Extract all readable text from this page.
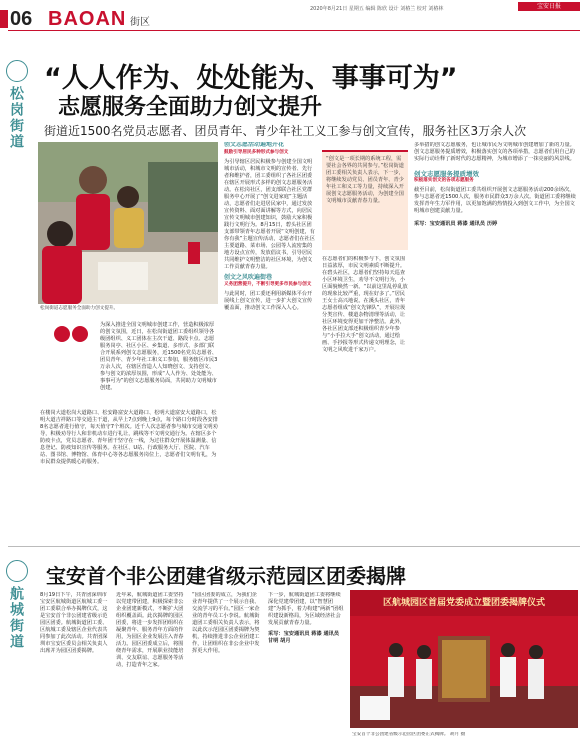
06 BAOAN 街区
2020年8月21日 星期五 编辑 陈欣 设计 刘椿兰 校对 刘椿林	宝安日报
松岗街道
“人人作为、处处能为、事事可为”
志愿服务全面助力创文提升
街道近1500名党员志愿者、团员青年、青少年社工义工参与创文宣传，服务社区3万余人次
松岗街道志愿服务全面助力创文提升。

为深入推进全国文明城市创建工作，营造积极浓厚的创文氛围，近日，在松岗街道团工委组织领导各级团组织、义工团体在主次干道、路段卡点、志愿服务岗亭、社区小区、乡集道、多形式、多部门联合开展系列创文志愿服务，近1500名党员志愿者、团员青年、青少年社工和义工参加，服务辖区市民3万余人次，在辖区营造人人知晓创文、支持创文、参与创文的浓厚氛围，形成“人人作为、处处能为、事事可为”的创文志愿服务局面，共同助力文明城市创建。

在楼岗大道松岗大道路口、松安路富安大道路口、松明大道富安大道路口，松明大道吉祥路口等交通主干道，从早上7点到晚上9点，每个路口分时段各安排8名志愿者进行值守，每天值守7个班次。近千人次志愿者参与城市交通文明劝导，积极劝导行人和非机动车进行礼让，跳线等不文明交通行为。在辖区多个防疫卡点，党员志愿者、青年团干坚守在一线，为过往群众开展体温测量、信息登记、防疫知识宣传等服务。在社区、U站、行政服务大厅、医院、汽车站、图书馆、博物馆、体育中心等各志愿服务岗位上，志愿者们文明有礼，为市民群众提供暖心的服务。

创文志愿活动遍地开花
鼓励引导居民多种形式参与创文

为引导辖区居民积极参与创建全国文明城市活动，积城市文明的宣传者、先行者和维护者，团工委组织了各社区团委在辖区开展形式多样的创文志愿服务活动。在松岗社区，团支部联合社区党群服务中心开展了“创文进家庭”主题活动，志愿者们走进居民家中，通过发放宣传资料、面对面讲解等方式，向居民宣传文明城市创建知识，鼓励大家积极践行文明行为。8月15日，碧头社区团支部带领青年志愿者开展“文明创建，有你有我”主题宣传活动，志愿者们在社区主要道路、菜市场、公园等人流密集的地方设点宣传，发放倡议书，引导居民共同维护文明整洁的社区环境，为创文工作贡献青春力量。

创文之风吹遍街巷
义务团营提升，不断引导更多市民参与创文

与此同时，团工委还利用新媒体平台开展线上创文宣传，进一步扩大创文宣传覆盖面，推动创文工作深入人心。

“创文是一项长期的系统工程，需要社会各界的共同参与。”松岗街道团工委相关负责人表示，下一步，将继续发动党员、团员青年、青少年社工和义工等力量，持续深入开展创文志愿服务活动，为创建全国文明城市贡献青春力量。

在志愿者们的积极参与下，创文氛围日益浓厚，市民文明素质不断提升。在碧头社区，志愿者们坚持每天巡查小区环境卫生，劝导不文明行为，小区面貌焕然一新。“以前这里乱停乱放的现象比较严重，现在好多了。”居民王女士高兴地说。在溪头社区，青年志愿者组成“创文先锋队”，开展垃圾分类宣传、楼道杂物清理等活动，让社区环境变得更加干净整洁。此外，各社区团支部还积极组织青少年参与“小手拉大手”创文活动，通过绘画、手抄报等形式传递文明理念，让文明之风吹进千家万户。

多举措的创文志愿服务，也让城市民为文明城市创建增加了新的力量。创文志愿服务提质增效，积极落实创文的各项举措，志愿者们用自己的实际行动诠释了新时代的志愿精神，为城市增添了一抹亮丽的风景线。

创文志愿服务提质增效
积极落实创文的各项志愿服务

截至目前，松岗街道团工委共组织开展创文志愿服务活动200余场次，参与志愿者近1500人次，服务市民群众3万余人次。街道团工委将继续发挥青年生力军作用，以更加饱满的热情投入到创文工作中，为全国文明城市创建贡献力量。

采写：宝安通讯员 蒋漆 通讯员 历婷

航城街道
宝安首个非公团建省级示范园区团委揭牌

8月19日下午，共青团深圳市宝安区航城街道区航城工委一团工委联合举办揭牌仪式，这是宝安首个非公团建省级示范园区团委。航城街道团工委、区航城工委及辖区企业代表共同参加了此次活动。共青团深圳市宝安区委员会相关负责人出席并为园区团委揭牌。

近年来，航城街道团工委坚持以党建带团建，积极探索非公企业团建新模式，不断扩大团组织覆盖面。此次揭牌的园区团委，将进一步发挥团组织在凝聚青年、服务青年方面的作用，为园区企业发展注入青春活力。园区团委成立后，将围绕青年需求，开展职业技能培训、交友联谊、志愿服务等活动，打造青年之家。

“园区团委的成立，为我们企业青年提供了一个展示自我、交流学习的平台。”园区一家企业的青年员工小李说。航城街道团工委相关负责人表示，将以此次示范园区团委揭牌为契机，持续推进非公企业团建工作，让团组织在非公企业中发挥更大作用。

下一步，航城街道团工委将继续深化党建带团建，以“智慧团建”为抓手，着力构建“两新”团组织建设新格局，为区域经济社会发展贡献青春力量。

采写：宝安通讯员 蒋漆 通讯员 甘明 胡月

区航城园区首届党委成立暨团委揭牌仪式
宝安首个非公团建省级示范园区团委正式揭牌。 胡月 摄
